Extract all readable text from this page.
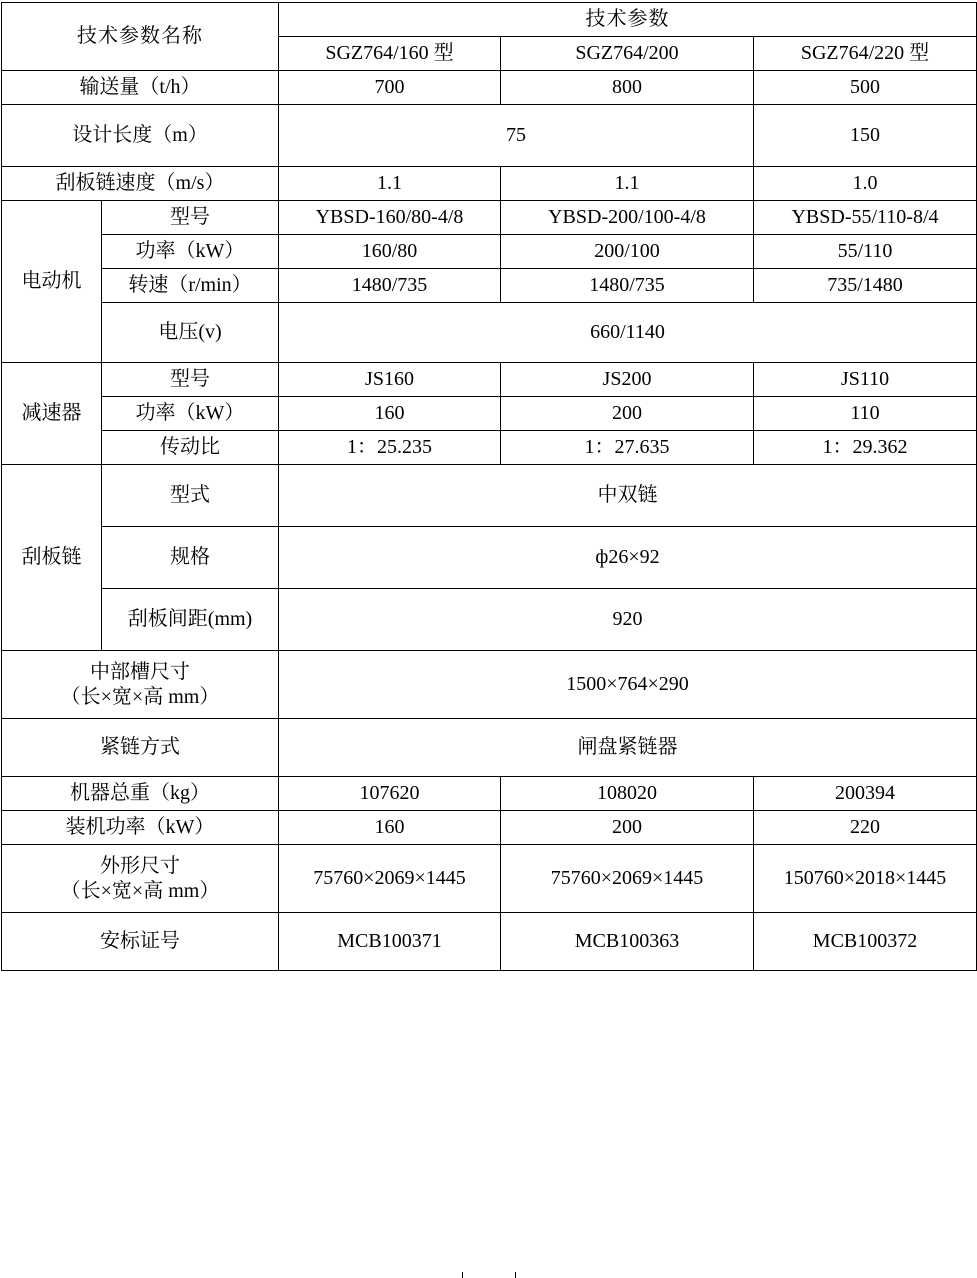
技术参数名称		技术参数		
		SGZ764/160 型	SGZ764/200	SGZ764/220 型
输送量（t/h）		700	800	500
设计长度（m）		75		150
刮板链速度（m/s）		1.1	1.1	1.0
电动机	型号	YBSD-160/80-4/8	YBSD-200/100-4/8	YBSD-55/110-8/4
	功率（kW）	160/80	200/100	55/110
	转速（r/min）	1480/735	1480/735	735/1480
	电压(v)	660/1140		
减速器	型号	JS160	JS200	JS110
	功率（kW）	160	200	110
	传动比	1：25.235	1：27.635	1：29.362
刮板链	型式	中双链		
	规格	ф26×92		
	刮板间距(mm)	920		

中部槽尺寸
（长×宽×高 mm）		1500×764×290		
紧链方式		闸盘紧链器		
机器总重（kg）		107620	108020	200394
装机功率（kW）		160	200	220

外形尺寸
（长×宽×高 mm）		75760×2069×1445	75760×2069×1445	150760×2018×1445
安标证号		MCB100371	MCB100363	MCB100372
